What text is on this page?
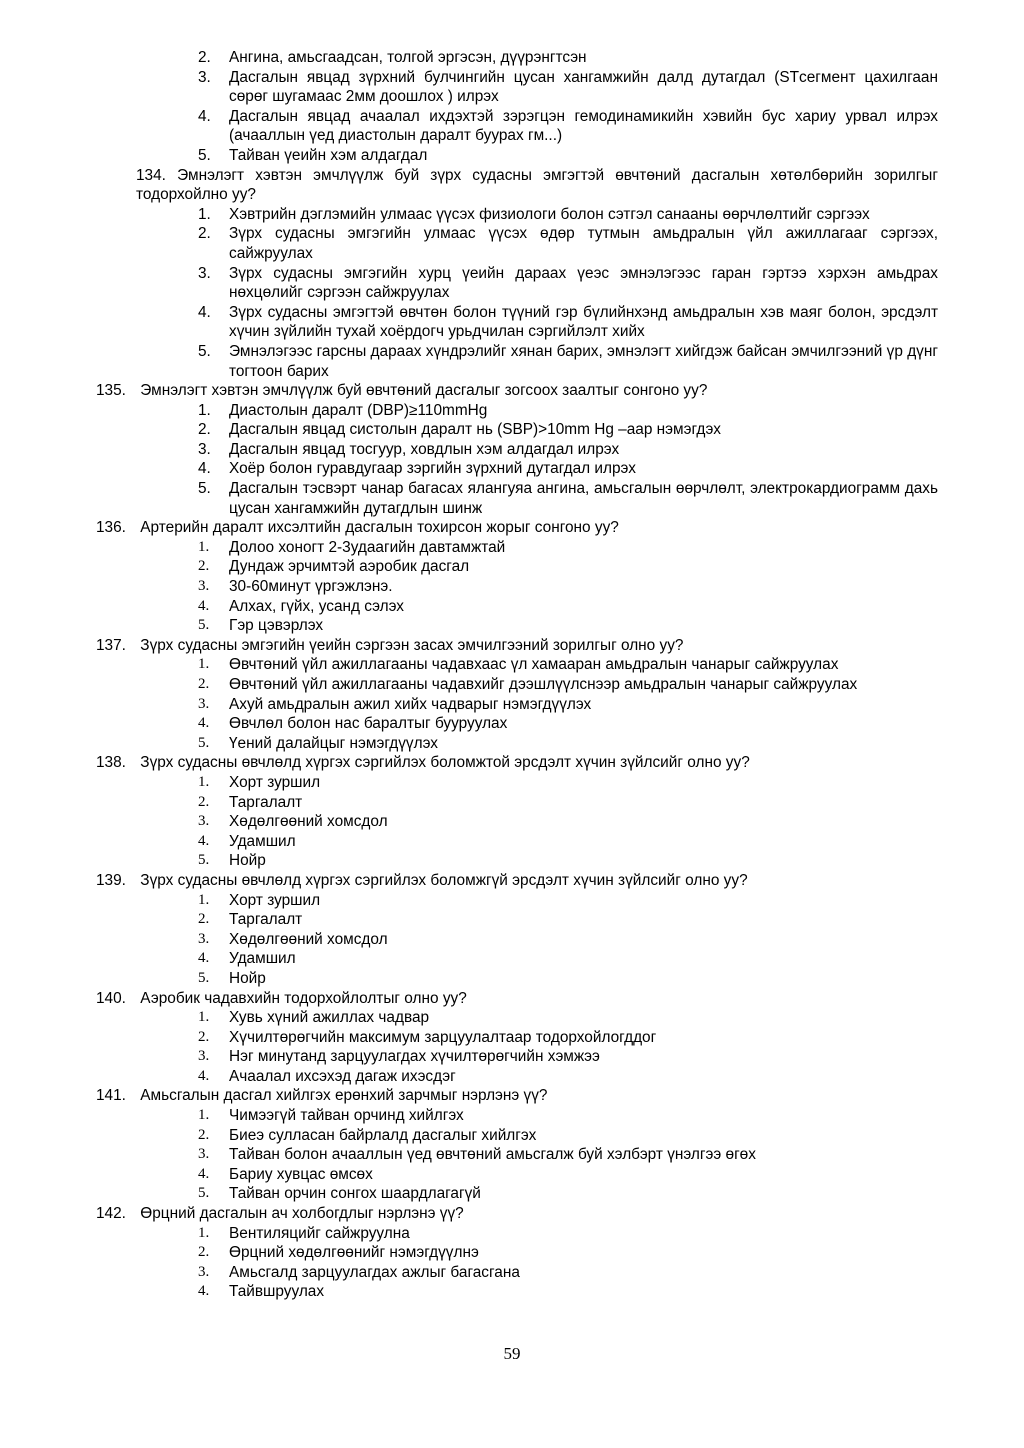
2. Ангина, амьсгаадсан, толгой эргэсэн, дүүрэнгтсэн
3. Дасгалын явцад зүрхний булчингийн цусан хангамжийн далд дутагдал (STсегмент цахилгаан сөрөг шугамаас 2мм доошлох ) илрэх
4. Дасгалын явцад ачаалал ихдэхтэй зэрэгцэн гемодинамикийн хэвийн бус хариу урвал илрэх (ачааллын үед диастолын даралт буурах гм...)
5. Тайван үеийн хэм алдагдал
134. Эмнэлэгт хэвтэн эмчлүүлж буй зүрх судасны эмгэгтэй өвчтөний дасгалын хөтөлбөрийн зорилгыг тодорхойлно уу?
1. Хэвтрийн дэглэмийн улмаас үүсэх физиологи болон сэтгэл санааны өөрчлөлтийг сэргээх
2. Зүрх судасны эмгэгийн улмаас үүсэх өдөр тутмын амьдралын үйл ажиллагааг сэргээх, сайжруулах
3. Зүрх судасны эмгэгийн хурц үеийн дараах үеэс эмнэлэгээс гаран гэртээ хэрхэн амьдрах нөхцөлийг сэргээн сайжруулах
4. Зүрх судасны эмгэгтэй өвчтөн болон түүний гэр бүлийнхэнд амьдралын хэв маяг болон, эрсдэлт хүчин зүйлийн тухай хоёрдогч урьдчилан сэргийлэлт хийх
5. Эмнэлэгээс гарсны дараах хүндрэлийг хянан барих, эмнэлэгт хийгдэж байсан эмчилгээний үр дүнг тогтоон барих
135. Эмнэлэгт хэвтэн эмчлүүлж буй өвчтөний дасгалыг зогсоох заалтыг сонгоно уу?
1. Диастолын даралт (DBP)≥110mmHg
2. Дасгалын явцад систолын даралт нь (SBP)>10mm Hg –аар нэмэгдэх
3. Дасгалын явцад тосгуур, ховдлын хэм алдагдал илрэх
4. Хоёр болон гуравдугаар зэргийн зүрхний дутагдал илрэх
5. Дасгалын тэсвэрт чанар багасах ялангуяа ангина, амьсгалын өөрчлөлт, электрокардиограмм дахь цусан хангамжийн дутагдлын шинж
136. Артерийн даралт ихсэлтийн дасгалын тохирсон жорыг сонгоно уу?
1. Долоо хоногт 2-3удаагийн давтамжтай
2. Дундаж эрчимтэй аэробик дасгал
3. 30-60минут үргэжлэнэ.
4. Алхах, гүйх, усанд сэлэх
5. Гэр цэвэрлэх
137. Зүрх судасны эмгэгийн үеийн сэргээн засах эмчилгээний зорилгыг олно уу?
1. Өвчтөний үйл ажиллагааны чадавхаас үл хамааран амьдралын чанарыг сайжруулах
2. Өвчтөний үйл ажиллагааны чадавхийг дээшлүүлснээр амьдралын чанарыг сайжруулах
3. Ахуй амьдралын ажил хийх чадварыг нэмэгдүүлэх
4. Өвчлөл болон нас баралтыг бууруулах
5. Үений далайцыг нэмэгдүүлэх
138. Зүрх судасны өвчлөлд хүргэх сэргийлэх боломжтой эрсдэлт хүчин зүйлсийг олно уу?
1. Хорт зуршил
2. Таргалалт
3. Хөдөлгөөний хомсдол
4. Удамшил
5. Нойр
139. Зүрх судасны өвчлөлд хүргэх сэргийлэх боломжгүй эрсдэлт хүчин зүйлсийг олно уу?
1. Хорт зуршил
2. Таргалалт
3. Хөдөлгөөний хомсдол
4. Удамшил
5. Нойр
140. Аэробик чадавхийн тодорхойлолтыг олно уу?
1. Хувь хүний ажиллах чадвар
2. Хүчилтөрөгчийн максимум зарцуулалтаар тодорхойлогддог
3. Нэг минутанд зарцуулагдах хүчилтөрөгчийн хэмжээ
4. Ачаалал ихсэхэд дагаж ихэсдэг
141. Амьсгалын дасгал хийлгэх ерөнхий зарчмыг нэрлэнэ үү?
1. Чимээгүй тайван орчинд хийлгэх
2. Биеэ сулласан байрлалд дасгалыг хийлгэх
3. Тайван болон ачааллын үед өвчтөний амьсгалж буй хэлбэрт үнэлгээ өгөх
4. Бариу хувцас өмсөх
5. Тайван орчин сонгох шаардлагагүй
142. Өрцний дасгалын ач холбогдлыг нэрлэнэ үү?
1. Вентиляцийг сайжруулна
2. Өрцний хөдөлгөөнийг нэмэгдүүлнэ
3. Амьсгалд зарцуулагдах ажлыг багасгана
4. Тайвшруулах
59
